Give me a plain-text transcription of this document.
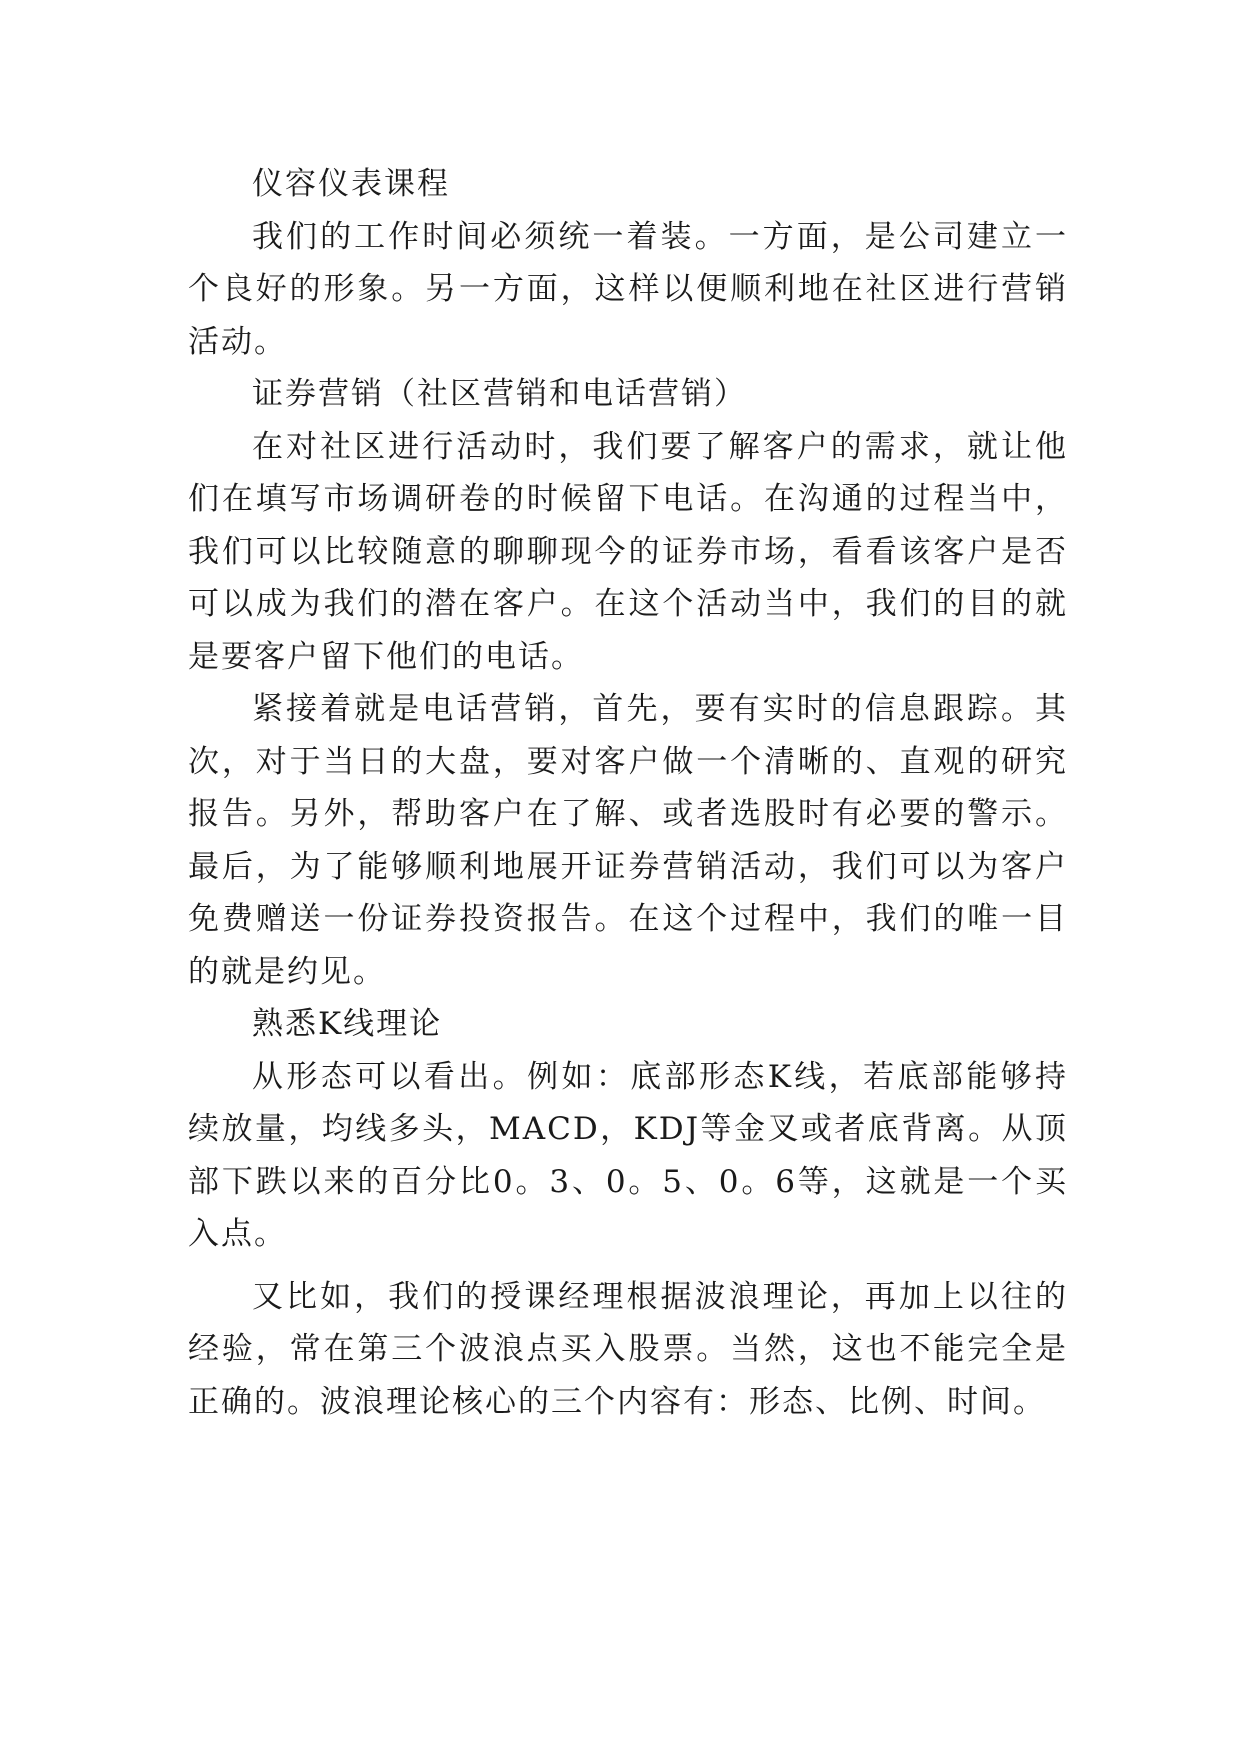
仪容仪表课程

我们的工作时间必须统一着装。一方面，是公司建立一个良好的形象。另一方面，这样以便顺利地在社区进行营销活动。

证券营销（社区营销和电话营销）

在对社区进行活动时，我们要了解客户的需求，就让他们在填写市场调研卷的时候留下电话。在沟通的过程当中，我们可以比较随意的聊聊现今的证券市场，看看该客户是否可以成为我们的潜在客户。在这个活动当中，我们的目的就是要客户留下他们的电话。

紧接着就是电话营销，首先，要有实时的信息跟踪。其次，对于当日的大盘，要对客户做一个清晰的、直观的研究报告。另外，帮助客户在了解、或者选股时有必要的警示。最后，为了能够顺利地展开证券营销活动，我们可以为客户免费赠送一份证券投资报告。在这个过程中，我们的唯一目的就是约见。

熟悉K线理论

从形态可以看出。例如：底部形态K线，若底部能够持续放量，均线多头，MACD，KDJ等金叉或者底背离。从顶部下跌以来的百分比0。3、0。5、0。6等，这就是一个买入点。

又比如，我们的授课经理根据波浪理论，再加上以往的经验，常在第三个波浪点买入股票。当然，这也不能完全是正确的。波浪理论核心的三个内容有：形态、比例、时间。
